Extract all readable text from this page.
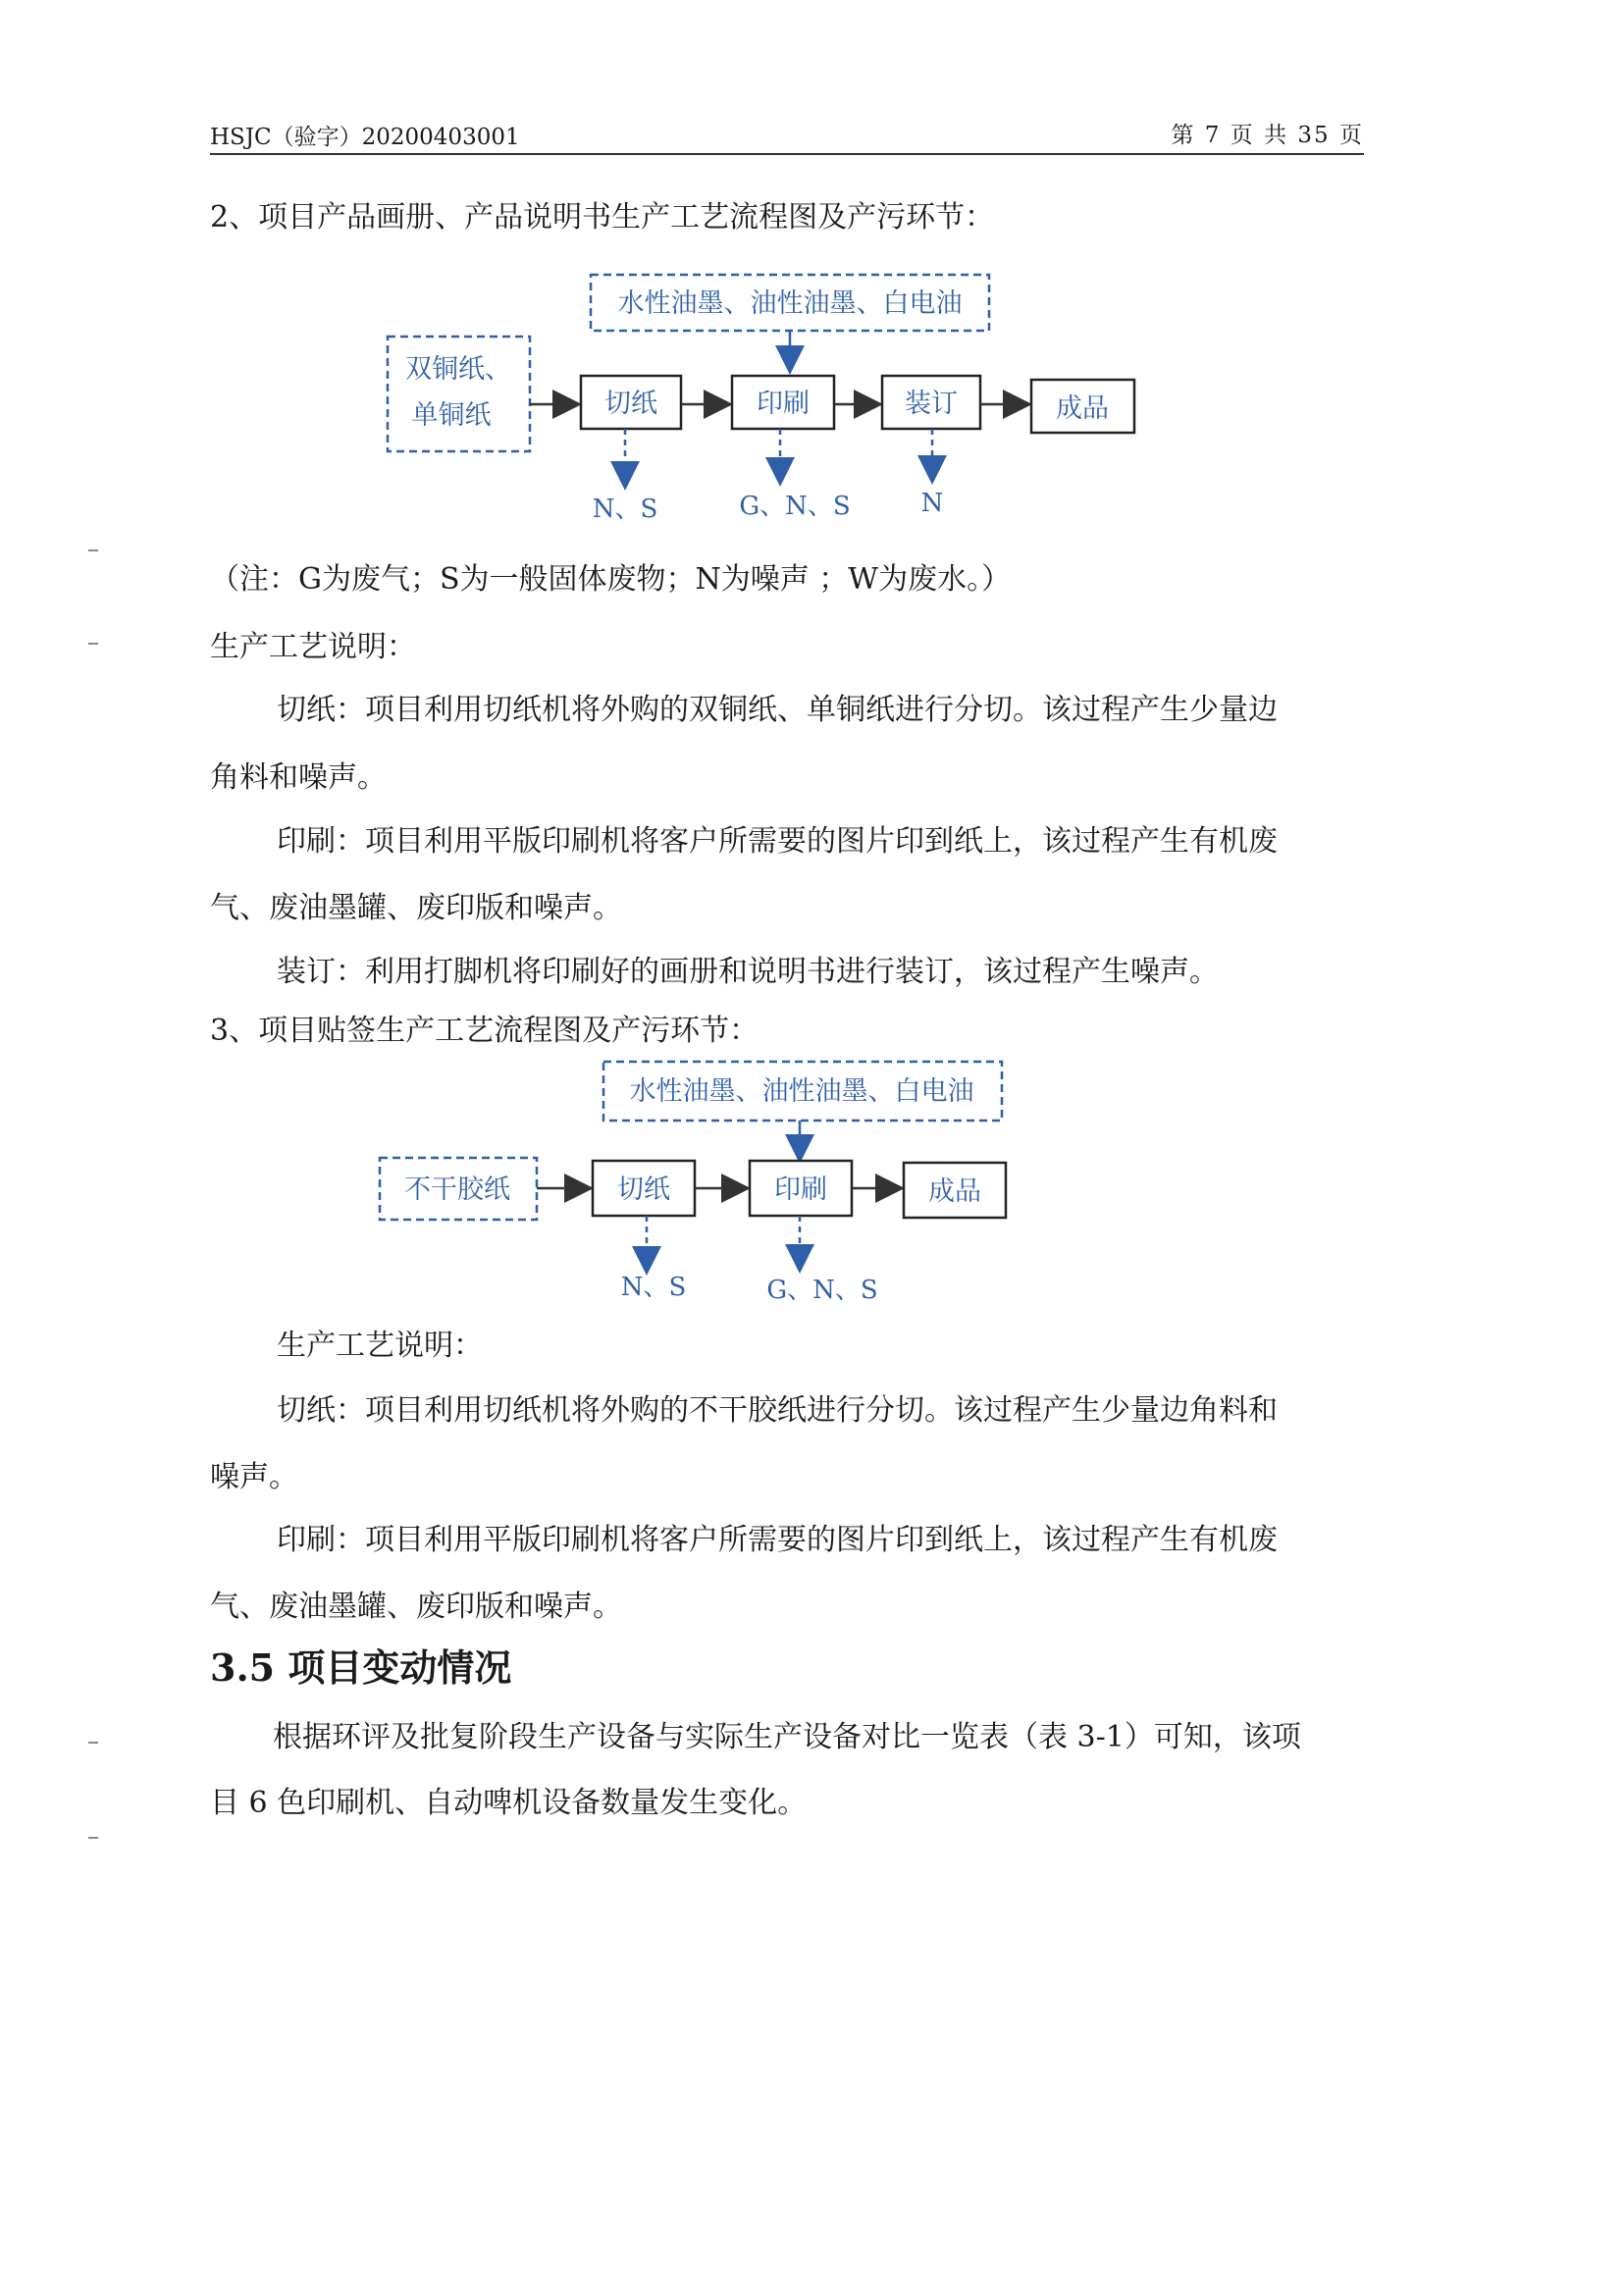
HSJC（验字）20200403001	第 7 页 共 35 页
2、项目产品画册、产品说明书生产工艺流程图及产污环节：
水性油墨、油性油墨、白电油
双铜纸、
单铜纸	切纸	印刷	装订	成品
N、S	G、N、S	N
（注：G为废气；S为一般固体废物；N为噪声 ；W为废水。）
生产工艺说明：
切纸：项目利用切纸机将外购的双铜纸、单铜纸进行分切。该过程产生少量边
角料和噪声。
印刷：项目利用平版印刷机将客户所需要的图片印到纸上，该过程产生有机废
气、废油墨罐、废印版和噪声。
装订：利用打脚机将印刷好的画册和说明书进行装订，该过程产生噪声。
3、项目贴签生产工艺流程图及产污环节：
水性油墨、油性油墨、白电油
不干胶纸	切纸	印刷	成品
N、S	G、N、S
生产工艺说明：
切纸：项目利用切纸机将外购的不干胶纸进行分切。该过程产生少量边角料和
噪声。
印刷：项目利用平版印刷机将客户所需要的图片印到纸上，该过程产生有机废
气、废油墨罐、废印版和噪声。
3.5 项目变动情况
根据环评及批复阶段生产设备与实际生产设备对比一览表（表 3-1）可知，该项
目 6 色印刷机、自动啤机设备数量发生变化。
